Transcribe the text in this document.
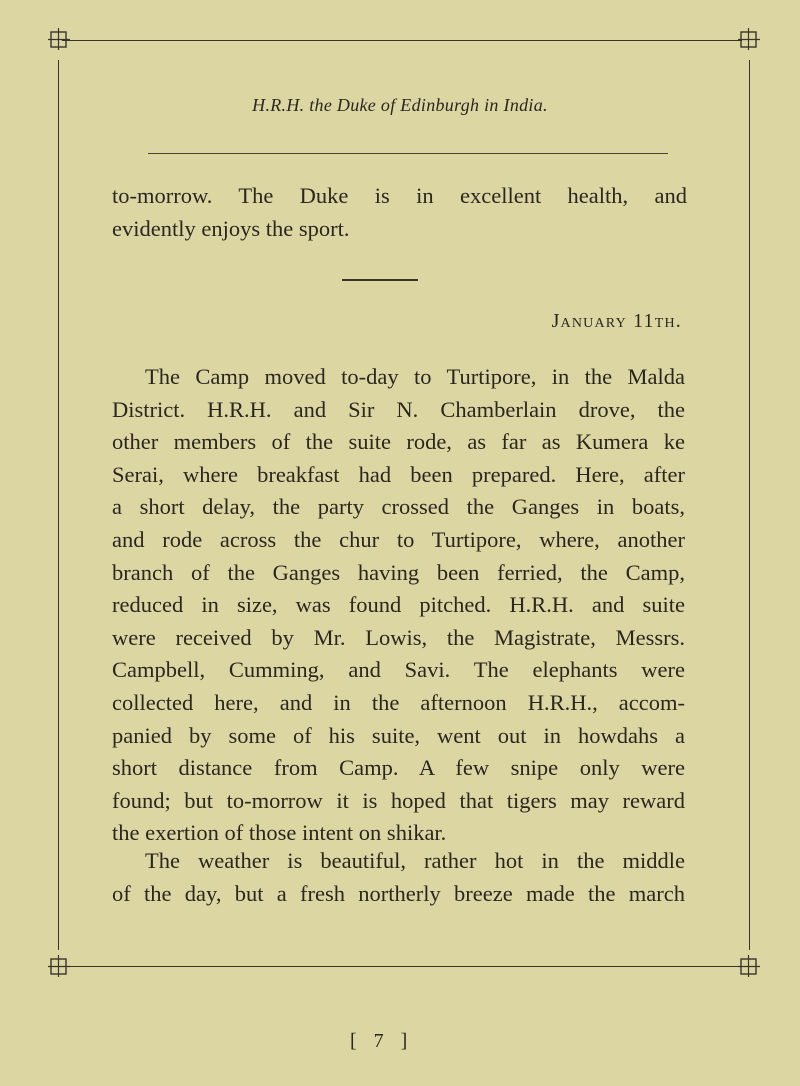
H.R.H. the Duke of Edinburgh in India.
to-morrow. The Duke is in excellent health, and
evidently enjoys the sport.
January 11th.
The Camp moved to-day to Turtipore, in the Malda
District. H.R.H. and Sir N. Chamberlain drove, the
other members of the suite rode, as far as Kumera ke
Serai, where breakfast had been prepared. Here, after
a short delay, the party crossed the Ganges in boats,
and rode across the chur to Turtipore, where, another
branch of the Ganges having been ferried, the Camp,
reduced in size, was found pitched. H.R.H. and suite
were received by Mr. Lowis, the Magistrate, Messrs.
Campbell, Cumming, and Savi. The elephants were
collected here, and in the afternoon H.R.H., accom-
panied by some of his suite, went out in howdahs a
short distance from Camp. A few snipe only were
found; but to-morrow it is hoped that tigers may reward
the exertion of those intent on shikar.
The weather is beautiful, rather hot in the middle
of the day, but a fresh northerly breeze made the march
[ 7 ]
